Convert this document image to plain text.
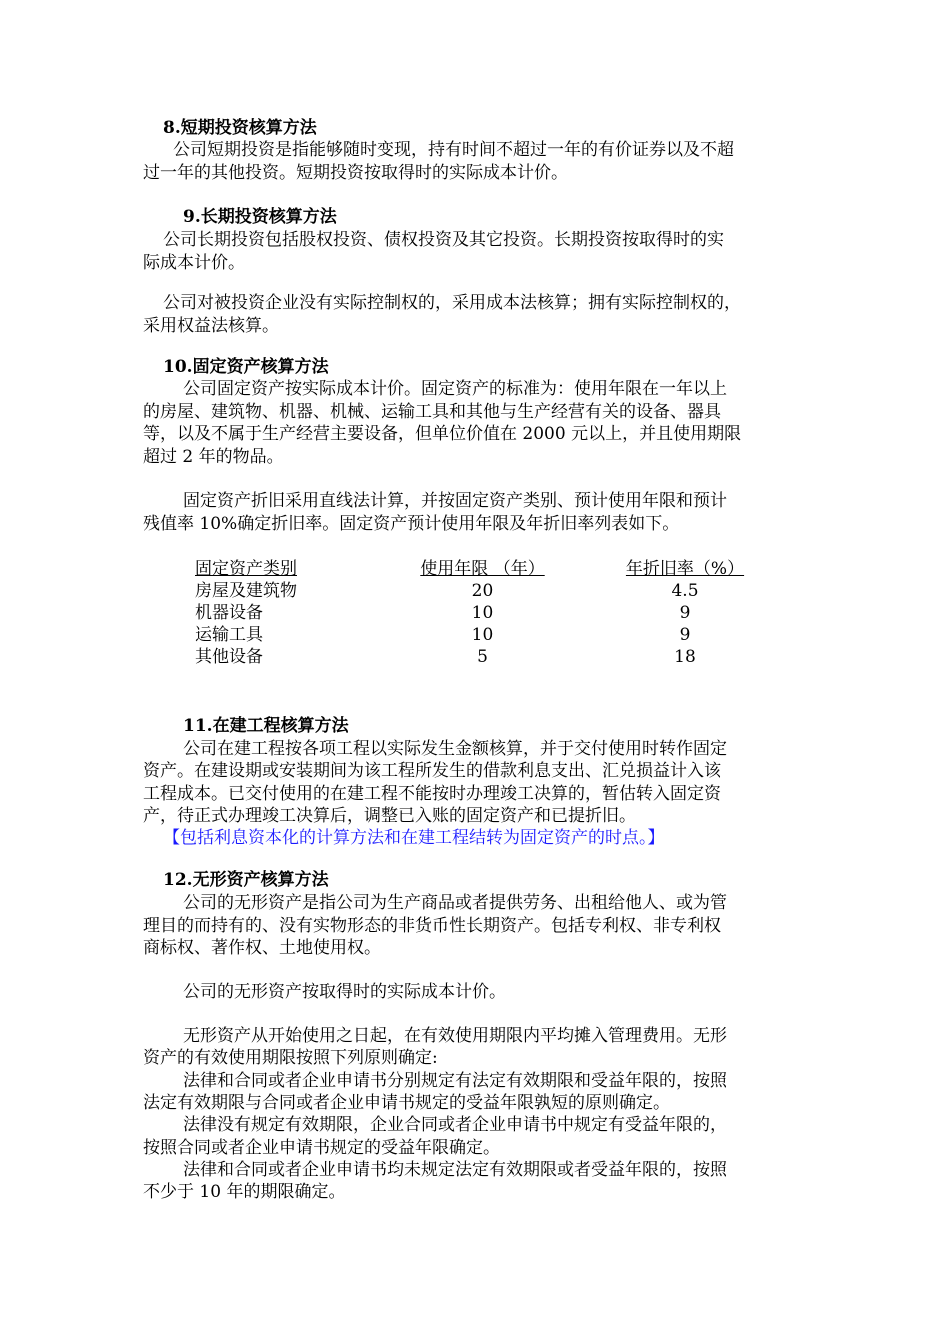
8.短期投资核算方法
公司短期投资是指能够随时变现，持有时间不超过一年的有价证券以及不超
过一年的其他投资。短期投资按取得时的实际成本计价。
9.长期投资核算方法
公司长期投资包括股权投资、债权投资及其它投资。长期投资按取得时的实
际成本计价。
公司对被投资企业没有实际控制权的，采用成本法核算；拥有实际控制权的，
采用权益法核算。
10.固定资产核算方法
公司固定资产按实际成本计价。固定资产的标准为：使用年限在一年以上
的房屋、建筑物、机器、机械、运输工具和其他与生产经营有关的设备、器具
等，以及不属于生产经营主要设备，但单位价值在 2000 元以上，并且使用期限
超过 2 年的物品。
固定资产折旧采用直线法计算，并按固定资产类别、预计使用年限和预计
残值率 10%确定折旧率。固定资产预计使用年限及年折旧率列表如下。
固定资产类别	使用年限 （年）	年折旧率（%）
房屋及建筑物	20	4.5
机器设备	10	9
运输工具	10	9
其他设备	5	18
11.在建工程核算方法
公司在建工程按各项工程以实际发生金额核算，并于交付使用时转作固定
资产。在建设期或安装期间为该工程所发生的借款利息支出、汇兑损益计入该
工程成本。已交付使用的在建工程不能按时办理竣工决算的，暂估转入固定资
产，待正式办理竣工决算后，调整已入账的固定资产和已提折旧。
【包括利息资本化的计算方法和在建工程结转为固定资产的时点。】
12.无形资产核算方法
公司的无形资产是指公司为生产商品或者提供劳务、出租给他人、或为管
理目的而持有的、没有实物形态的非货币性长期资产。包括专利权、非专利权
商标权、著作权、土地使用权。
公司的无形资产按取得时的实际成本计价。
无形资产从开始使用之日起，在有效使用期限内平均摊入管理费用。无形
资产的有效使用期限按照下列原则确定:
法律和合同或者企业申请书分别规定有法定有效期限和受益年限的，按照
法定有效期限与合同或者企业申请书规定的受益年限孰短的原则确定。
法律没有规定有效期限，企业合同或者企业申请书中规定有受益年限的，
按照合同或者企业申请书规定的受益年限确定。
法律和合同或者企业申请书均未规定法定有效期限或者受益年限的，按照
不少于 10 年的期限确定。
